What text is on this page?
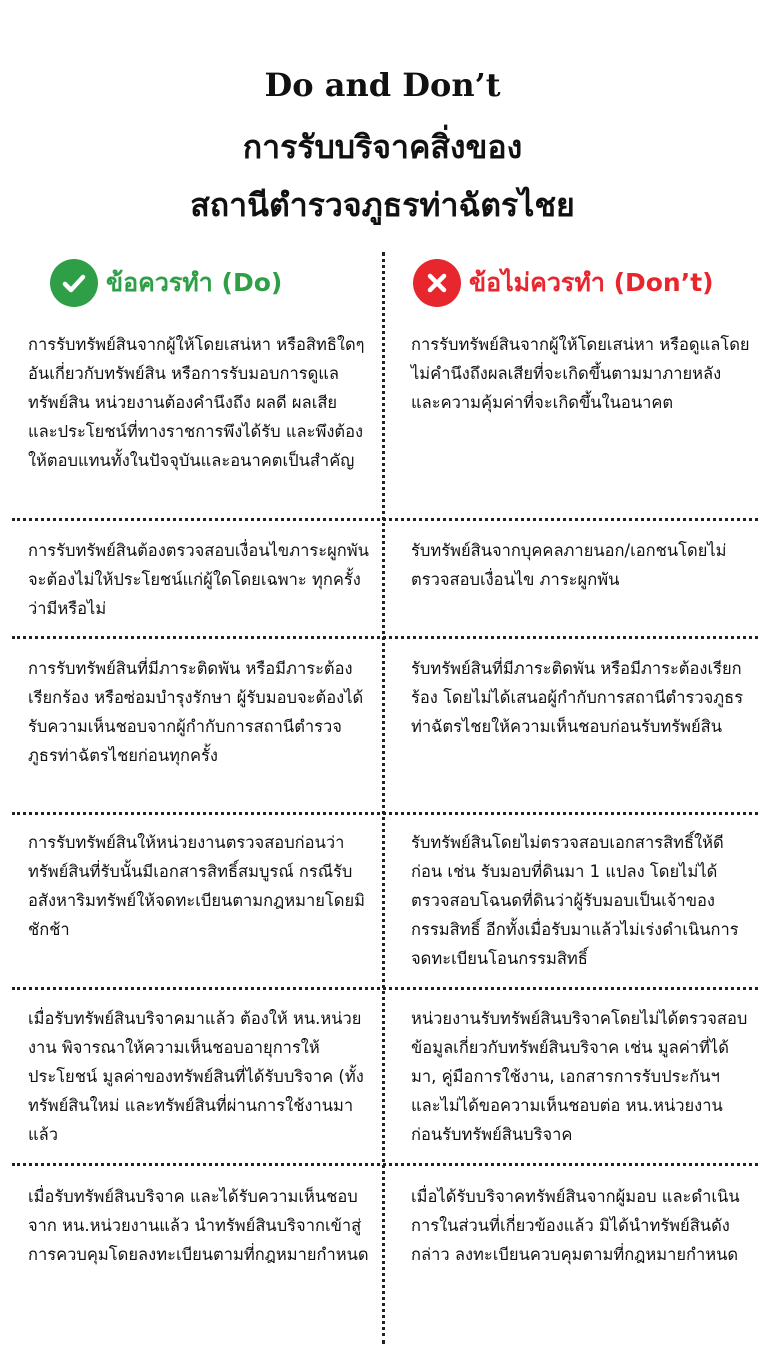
Do and Don’t
การรับบริจาคสิ่งของ
สถานีตำรวจภูธรท่าฉัตรไชย
ข้อควรทำ (Do)	ข้อไม่ควรทำ (Don’t)
การรับทรัพย์สินจากผู้ให้โดยเสน่หา หรือสิทธิใดๆ อันเกี่ยวกับทรัพย์สิน หรือการรับมอบการดูแลทรัพย์สิน หน่วยงานต้องคำนึงถึง ผลดี ผลเสีย และประโยชน์ที่ทางราชการพึงได้รับ และพึงต้องให้ตอบแทนทั้งในปัจจุบันและอนาคตเป็นสำคัญ
การรับทรัพย์สินจากผู้ให้โดยเสน่หา หรือดูแลโดยไม่คำนึงถึงผลเสียที่จะเกิดขึ้นตามมาภายหลัง และความคุ้มค่าที่จะเกิดขึ้นในอนาคต
การรับทรัพย์สินต้องตรวจสอบเงื่อนไขภาระผูกพัน จะต้องไม่ให้ประโยชน์แก่ผู้ใดโดยเฉพาะ ทุกครั้งว่ามีหรือไม่
รับทรัพย์สินจากบุคคลภายนอก/เอกชนโดยไม่ตรวจสอบเงื่อนไข ภาระผูกพัน
การรับทรัพย์สินที่มีภาระติดพัน หรือมีภาระต้องเรียกร้อง หรือซ่อมบำรุงรักษา ผู้รับมอบจะต้องได้รับความเห็นชอบจากผู้กำกับการสถานีตำรวจภูธรท่าฉัตรไชยก่อนทุกครั้ง
รับทรัพย์สินที่มีภาระติดพัน หรือมีภาระต้องเรียกร้อง โดยไม่ได้เสนอผู้กำกับการสถานีตำรวจภูธรท่าฉัตรไชยให้ความเห็นชอบก่อนรับทรัพย์สิน
การรับทรัพย์สินให้หน่วยงานตรวจสอบก่อนว่าทรัพย์สินที่รับนั้นมีเอกสารสิทธิ์สมบูรณ์ กรณีรับอสังหาริมทรัพย์ให้จดทะเบียนตามกฎหมายโดยมิชักช้า
รับทรัพย์สินโดยไม่ตรวจสอบเอกสารสิทธิ์ให้ดีก่อน เช่น รับมอบที่ดินมา 1 แปลง โดยไม่ได้ตรวจสอบโฉนดที่ดินว่าผู้รับมอบเป็นเจ้าของกรรมสิทธิ์ อีกทั้งเมื่อรับมาแล้วไม่เร่งดำเนินการจดทะเบียนโอนกรรมสิทธิ์
เมื่อรับทรัพย์สินบริจาคมาแล้ว ต้องให้ หน.หน่วยงาน พิจารณาให้ความเห็นชอบอายุการให้ประโยชน์ มูลค่าของทรัพย์สินที่ได้รับบริจาค (ทั้งทรัพย์สินใหม่ และทรัพย์สินที่ผ่านการใช้งานมาแล้ว
หน่วยงานรับทรัพย์สินบริจาคโดยไม่ได้ตรวจสอบข้อมูลเกี่ยวกับทรัพย์สินบริจาค เช่น มูลค่าที่ได้มา, คู่มือการใช้งาน, เอกสารการรับประกันฯ และไม่ได้ขอความเห็นชอบต่อ หน.หน่วยงาน ก่อนรับทรัพย์สินบริจาค
เมื่อรับทรัพย์สินบริจาค และได้รับความเห็นชอบจาก หน.หน่วยงานแล้ว นำทรัพย์สินบริจากเข้าสู่การควบคุมโดยลงทะเบียนตามที่กฎหมายกำหนด
เมื่อได้รับบริจาคทรัพย์สินจากผู้มอบ และดำเนินการในส่วนที่เกี่ยวข้องแล้ว มิได้นำทรัพย์สินดังกล่าว ลงทะเบียนควบคุมตามที่กฎหมายกำหนด
